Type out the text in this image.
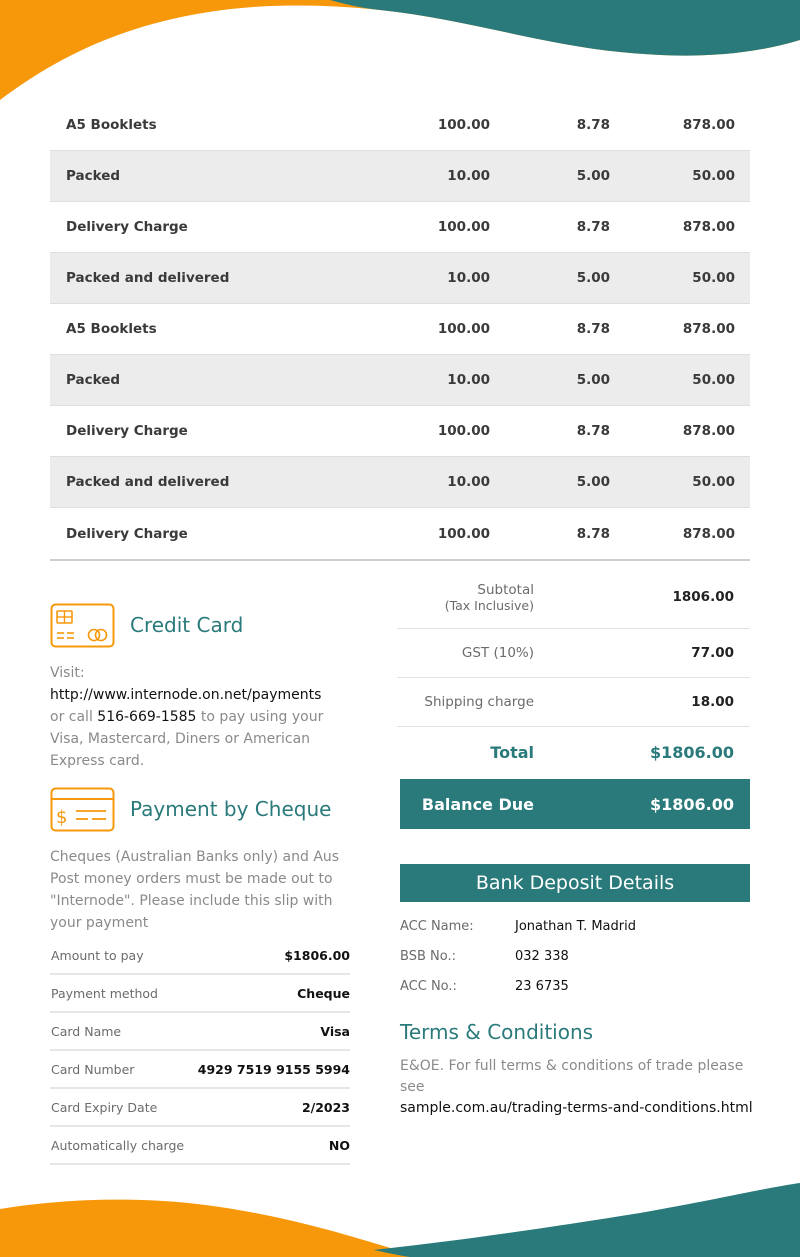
A5 Booklets	100.00	8.78	878.00
Packed	10.00	5.00	50.00
Delivery Charge	100.00	8.78	878.00
Packed and delivered	10.00	5.00	50.00
A5 Booklets	100.00	8.78	878.00
Packed	10.00	5.00	50.00
Delivery Charge	100.00	8.78	878.00
Packed and delivered	10.00	5.00	50.00
Delivery Charge	100.00	8.78	878.00
Credit Card
Visit:
http://www.internode.on.net/payments
or call 516-669-1585 to pay using your Visa, Mastercard, Diners or American Express card.
$	Payment by Cheque
Cheques (Australian Banks only) and Aus Post money orders must be made out to "Internode". Please include this slip with your payment
Amount to pay	$1806.00
Payment method	Cheque
Card Name	Visa
Card Number	4929 7519 9155 5994
Card Expiry Date	2/2023
Automatically charge	NO
Subtotal
(Tax Inclusive)	1806.00
GST (10%)	77.00
Shipping charge	18.00
Total	$1806.00
Balance Due	$1806.00
Bank Deposit Details
ACC Name:	Jonathan T. Madrid
BSB No.:	032 338
ACC No.:	23 6735
Terms & Conditions
E&OE. For full terms & conditions of trade please see
sample.com.au/trading-terms-and-conditions.html
